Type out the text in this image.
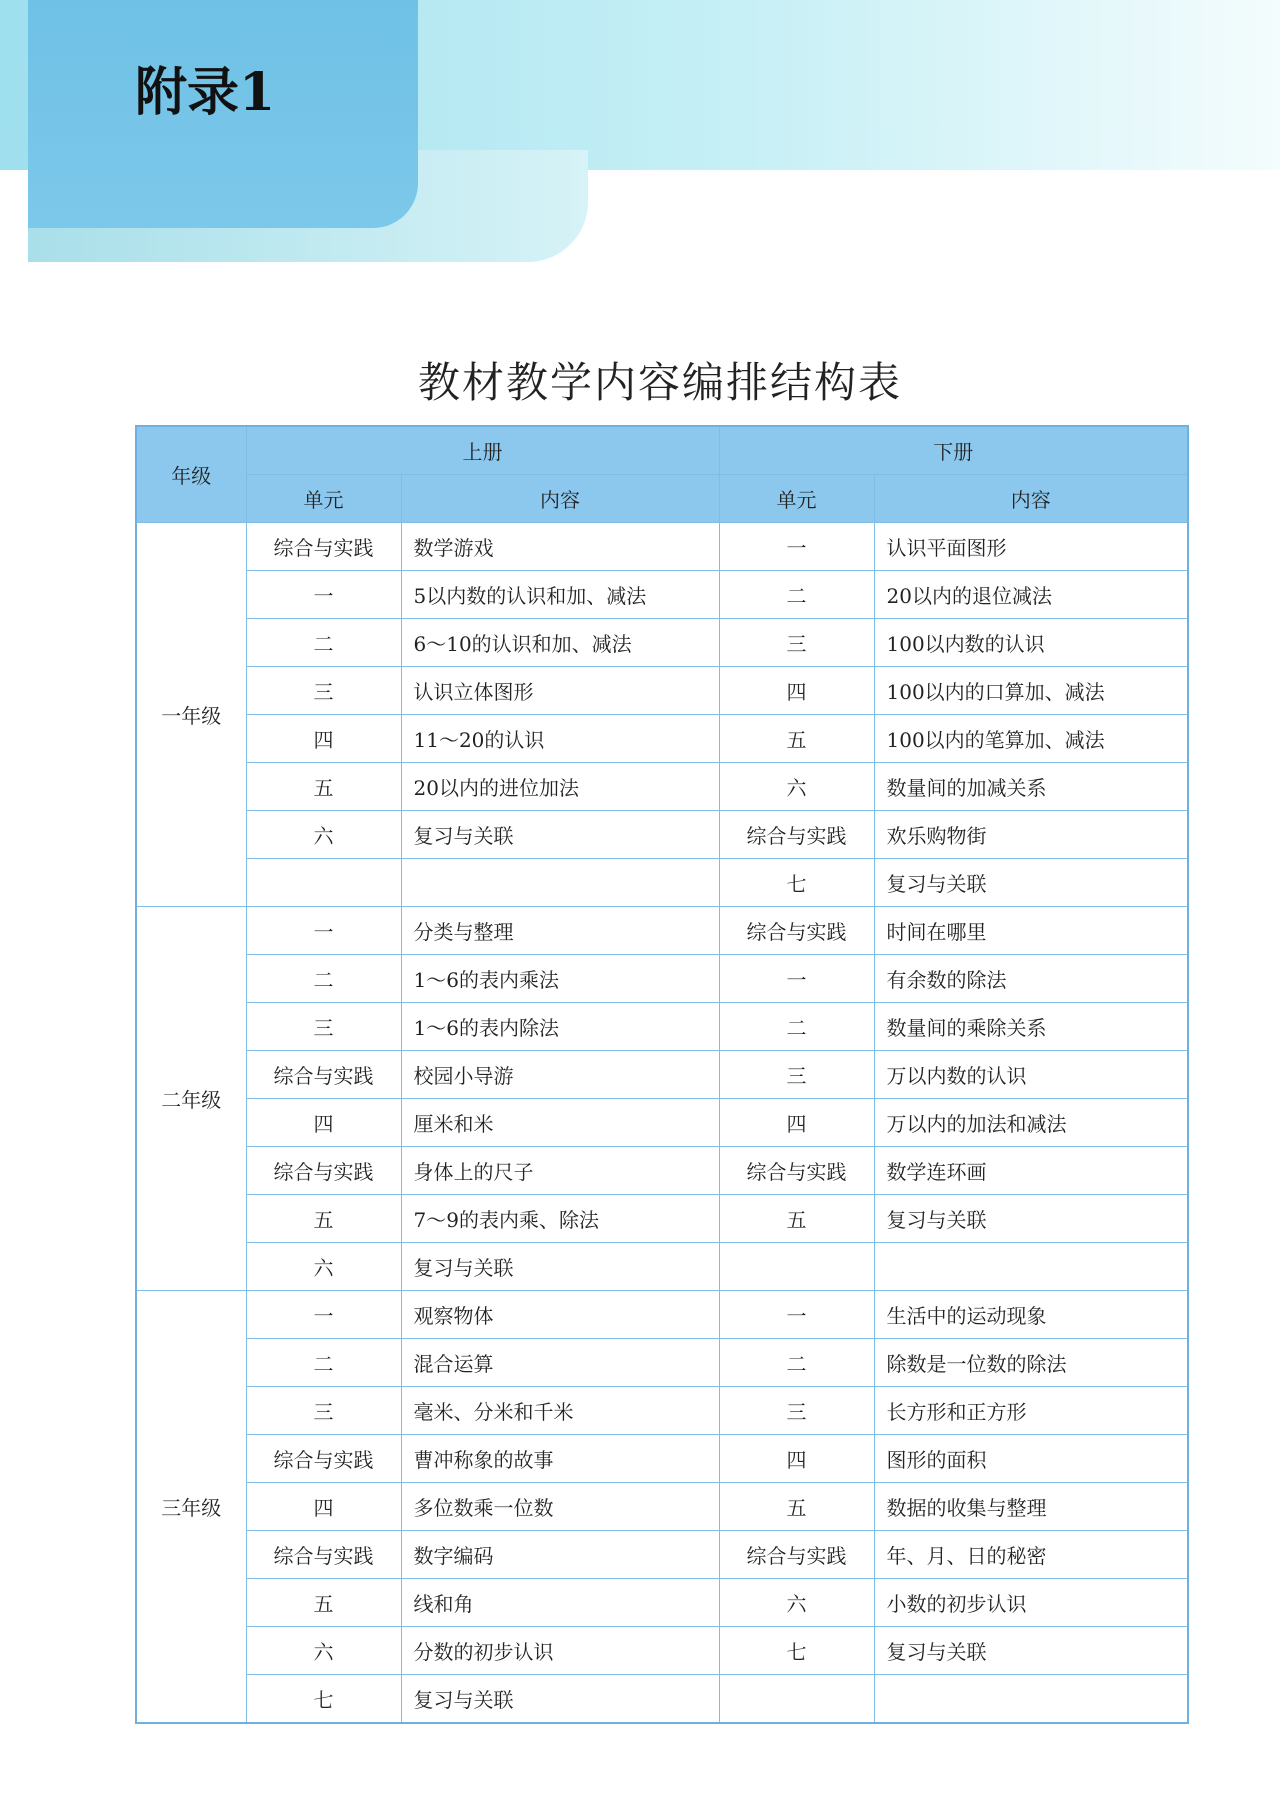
附录1
教材教学内容编排结构表
年级	上册		下册	
	单元	内容	单元	内容
一年级	综合与实践	数学游戏	一	认识平面图形
	一	5以内数的认识和加、减法	二	20以内的退位减法
	二	6～10的认识和加、减法	三	100以内数的认识
	三	认识立体图形	四	100以内的口算加、减法
	四	11～20的认识	五	100以内的笔算加、减法
	五	20以内的进位加法	六	数量间的加减关系
	六	复习与关联	综合与实践	欢乐购物街
			七	复习与关联
二年级	一	分类与整理	综合与实践	时间在哪里
	二	1～6的表内乘法	一	有余数的除法
	三	1～6的表内除法	二	数量间的乘除关系
	综合与实践	校园小导游	三	万以内数的认识
	四	厘米和米	四	万以内的加法和减法
	综合与实践	身体上的尺子	综合与实践	数学连环画
	五	7～9的表内乘、除法	五	复习与关联
	六	复习与关联		
三年级	一	观察物体	一	生活中的运动现象
	二	混合运算	二	除数是一位数的除法
	三	毫米、分米和千米	三	长方形和正方形
	综合与实践	曹冲称象的故事	四	图形的面积
	四	多位数乘一位数	五	数据的收集与整理
	综合与实践	数字编码	综合与实践	年、月、日的秘密
	五	线和角	六	小数的初步认识
	六	分数的初步认识	七	复习与关联
	七	复习与关联		
